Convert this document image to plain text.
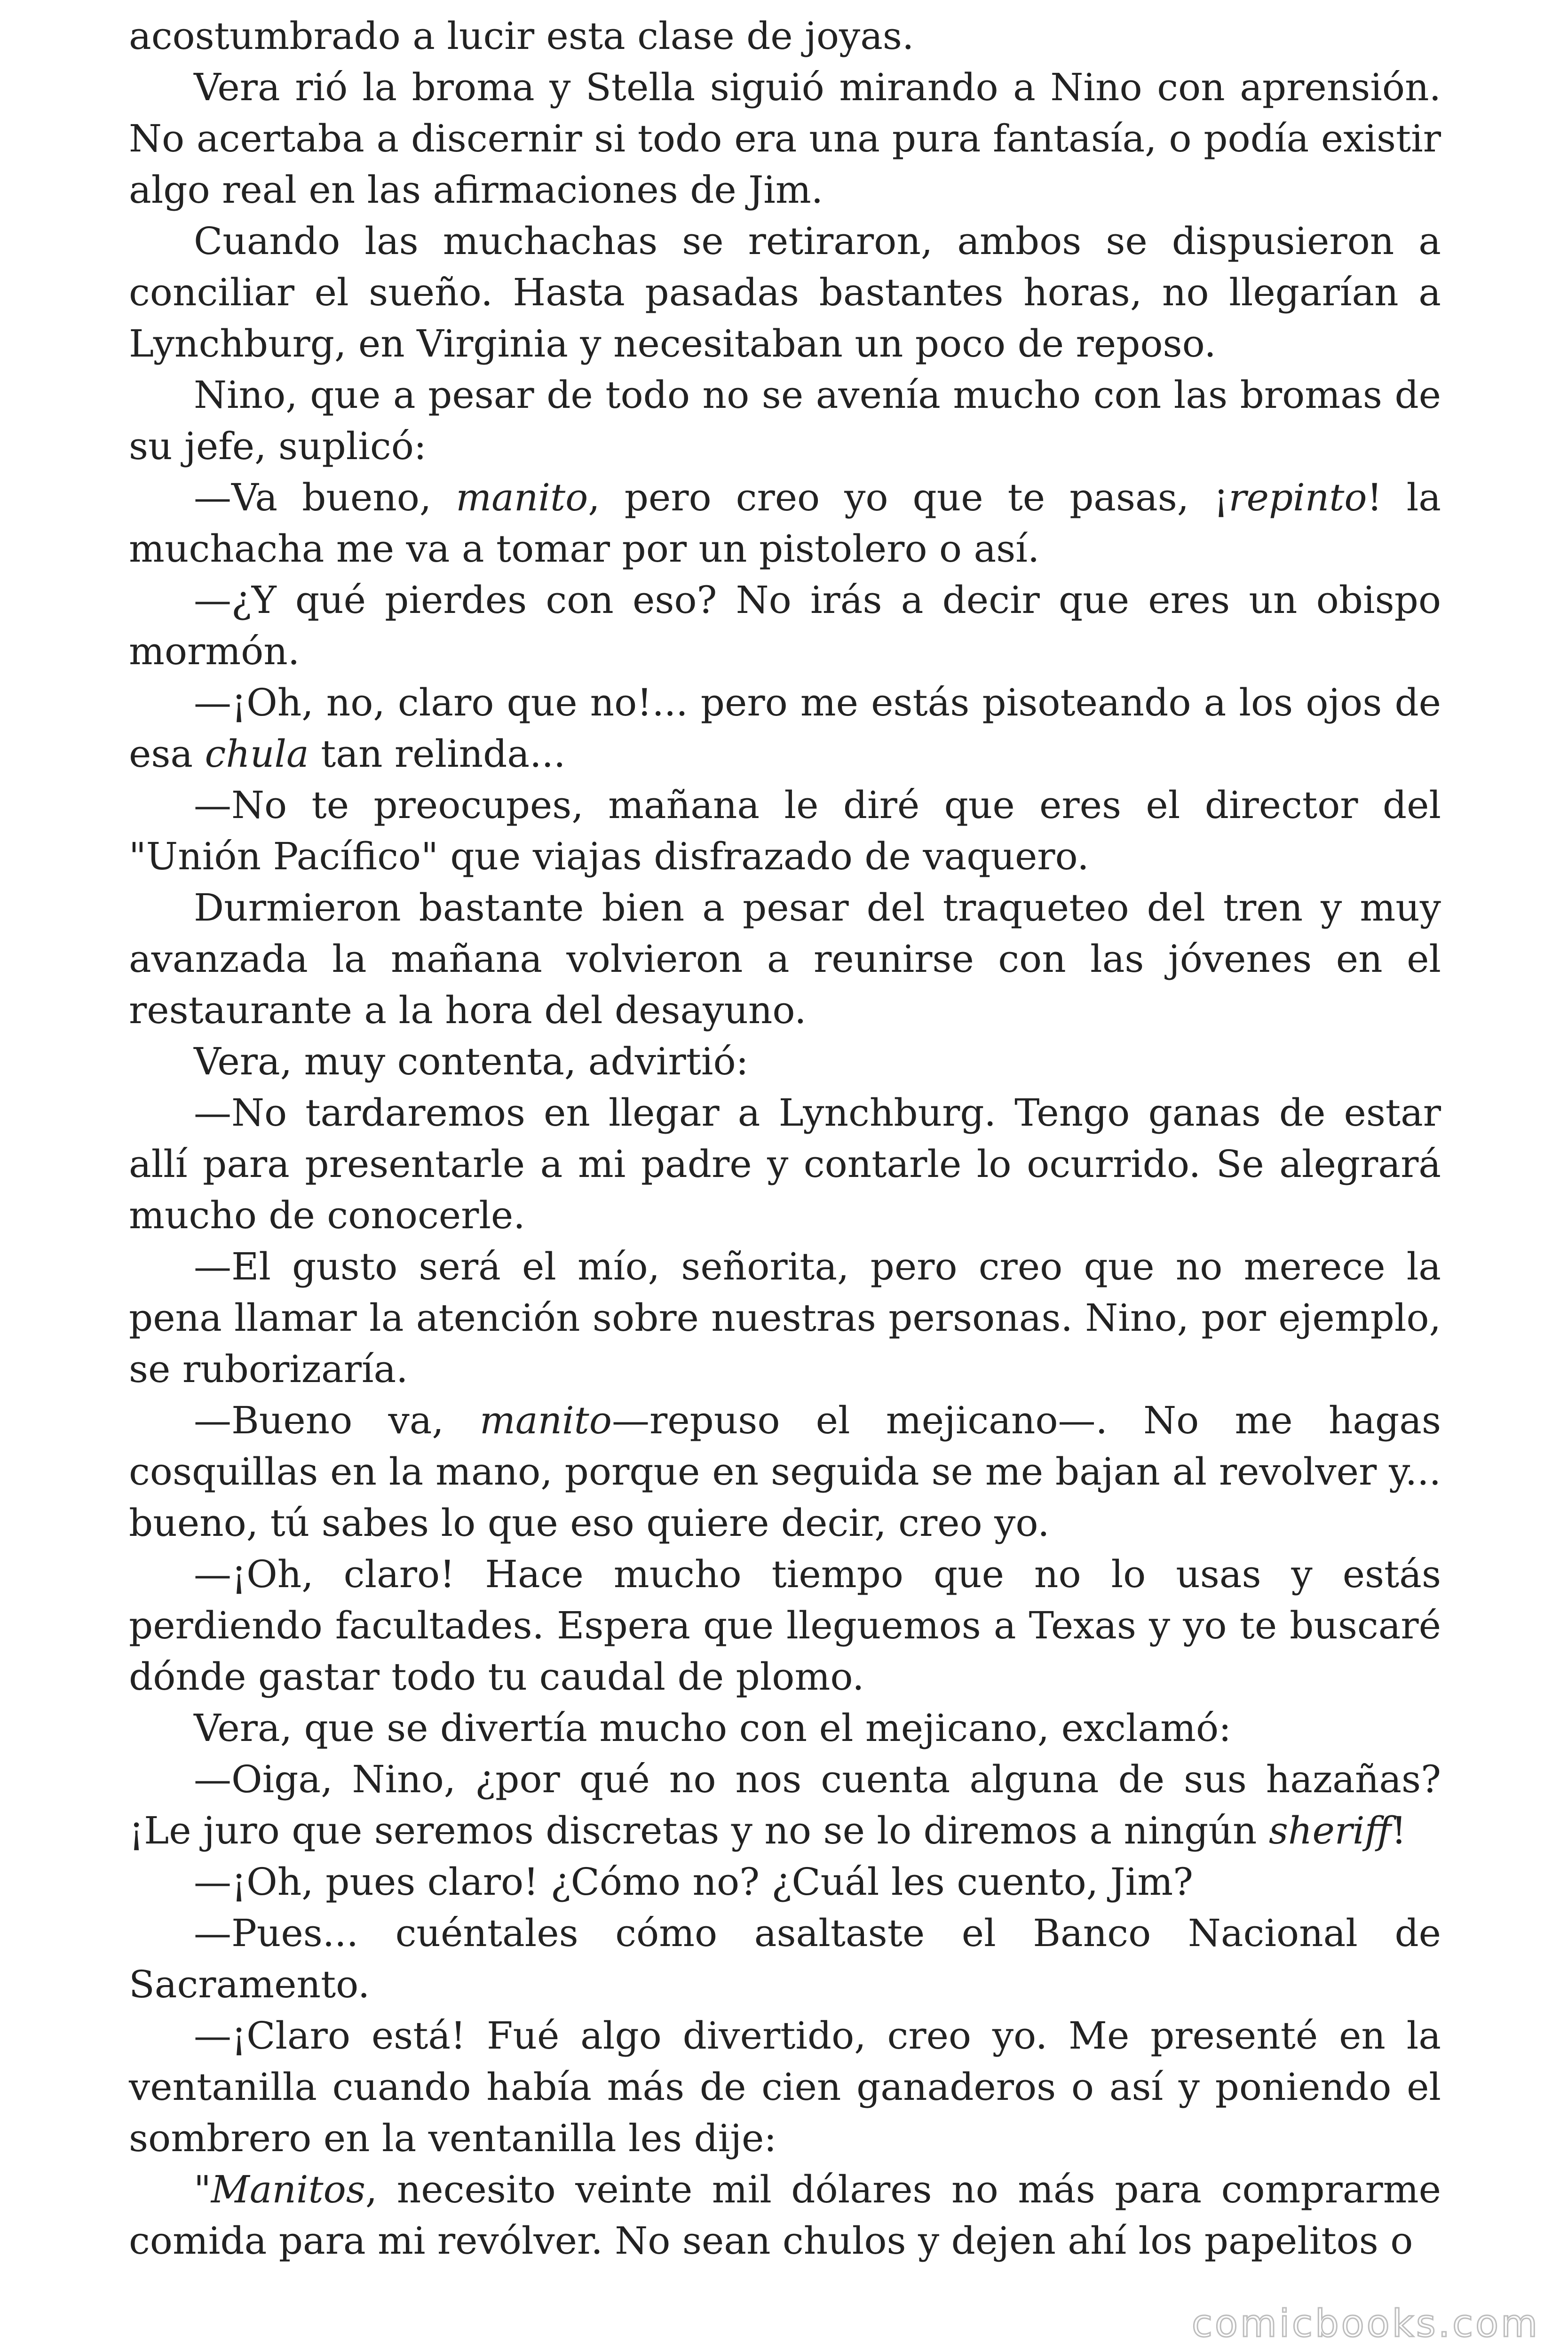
acostumbrado a lucir esta clase de joyas.

Vera rió la broma y Stella siguió mirando a Nino con aprensión. No acertaba a discernir si todo era una pura fantasía, o podía existir algo real en las afirmaciones de Jim.

Cuando las muchachas se retiraron, ambos se dispusieron a conciliar el sueño. Hasta pasadas bastantes horas, no llegarían a Lynchburg, en Virginia y necesitaban un poco de reposo.

Nino, que a pesar de todo no se avenía mucho con las bromas de su jefe, suplicó:

—Va bueno, manito, pero creo yo que te pasas, ¡repinto! la muchacha me va a tomar por un pistolero o así.

—¿Y qué pierdes con eso? No irás a decir que eres un obispo mormón.

—¡Oh, no, claro que no!... pero me estás pisoteando a los ojos de esa chula tan relinda...

—No te preocupes, mañana le diré que eres el director del "Unión Pacífico" que viajas disfrazado de vaquero.

Durmieron bastante bien a pesar del traqueteo del tren y muy avanzada la mañana volvieron a reunirse con las jóvenes en el restaurante a la hora del desayuno.

Vera, muy contenta, advirtió:

—No tardaremos en llegar a Lynchburg. Tengo ganas de estar allí para presentarle a mi padre y contarle lo ocurrido. Se alegrará mucho de conocerle.

—El gusto será el mío, señorita, pero creo que no merece la pena llamar la atención sobre nuestras personas. Nino, por ejemplo, se ruborizaría.

—Bueno va, manito—repuso el mejicano—. No me hagas cosquillas en la mano, porque en seguida se me bajan al revolver y... bueno, tú sabes lo que eso quiere decir, creo yo.

—¡Oh, claro! Hace mucho tiempo que no lo usas y estás perdiendo facultades. Espera que lleguemos a Texas y yo te buscaré dónde gastar todo tu caudal de plomo.

Vera, que se divertía mucho con el mejicano, exclamó:

—Oiga, Nino, ¿por qué no nos cuenta alguna de sus hazañas? ¡Le juro que seremos discretas y no se lo diremos a ningún sheriff!

—¡Oh, pues claro! ¿Cómo no? ¿Cuál les cuento, Jim?

—Pues... cuéntales cómo asaltaste el Banco Nacional de Sacramento.

—¡Claro está! Fué algo divertido, creo yo. Me presenté en la ventanilla cuando había más de cien ganaderos o así y poniendo el sombrero en la ventanilla les dije:

"Manitos, necesito veinte mil dólares no más para comprarme comida para mi revólver. No sean chulos y dejen ahí los papelitos o

comicbooks.com
